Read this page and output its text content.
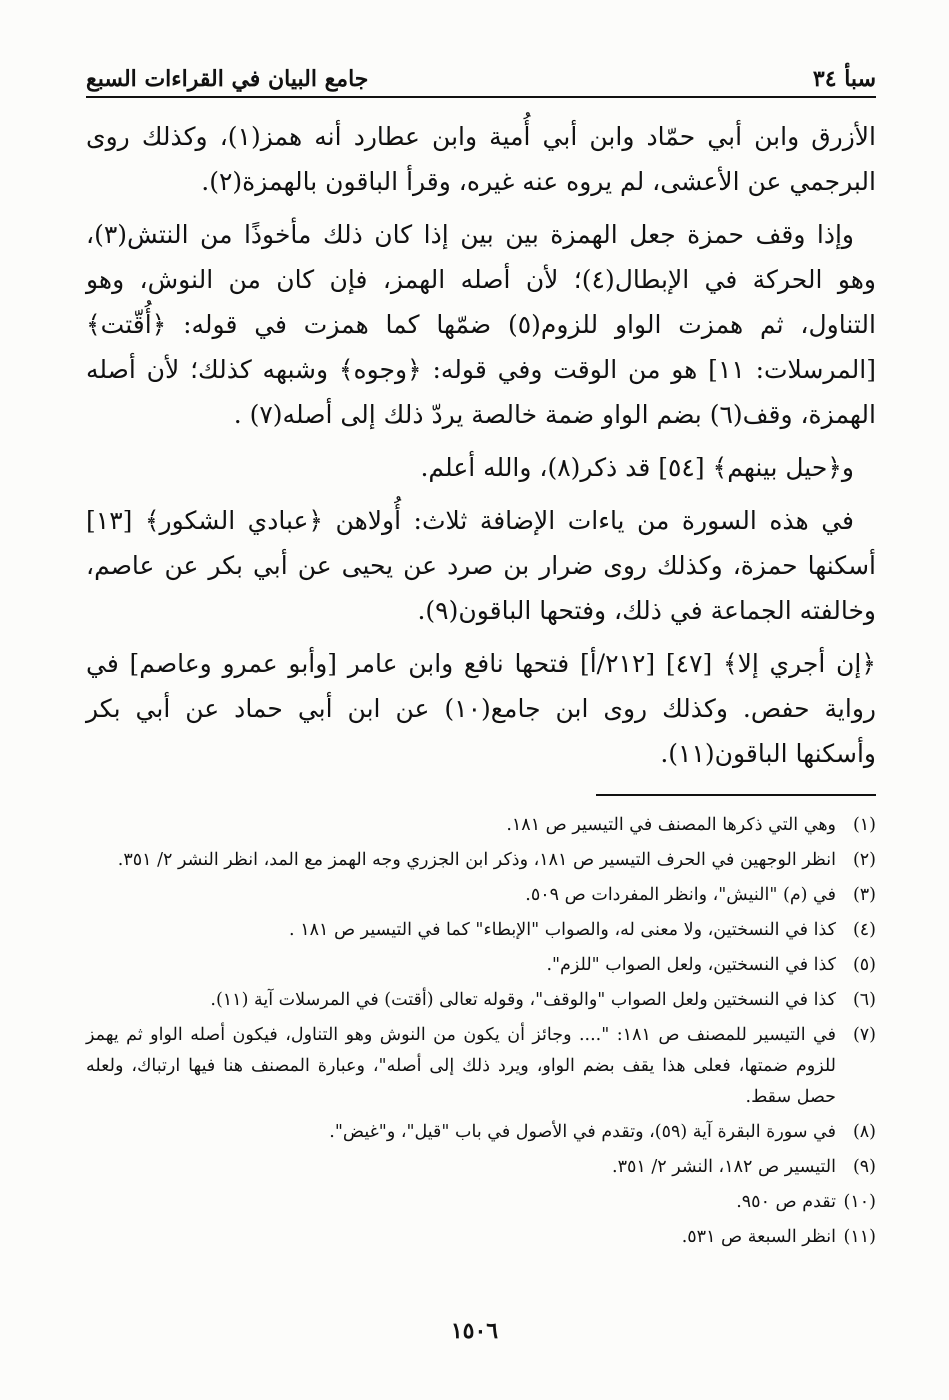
سبأ ٣٤
جامع البيان في القراءات السبع

الأزرق وابن أبي حمّاد وابن أبي أُمية وابن عطارد أنه همز(١)، وكذلك روى البرجمي عن الأعشى، لم يروه عنه غيره، وقرأ الباقون بالهمزة(٢).

وإذا وقف حمزة جعل الهمزة بين بين إذا كان ذلك مأخوذًا من النتش(٣)، وهو الحركة في الإبطال(٤)؛ لأن أصله الهمز، فإن كان من النوش، وهو التناول، ثم همزت الواو للزوم(٥) ضمّها كما همزت في قوله: ﴿أُقّتت﴾ [المرسلات: ١١] هو من الوقت وفي قوله: ﴿وجوه﴾ وشبهه كذلك؛ لأن أصله الهمزة، وقف(٦) بضم الواو ضمة خالصة يردّ ذلك إلى أصله(٧) .

و﴿حيل بينهم﴾ [٥٤] قد ذكر(٨)، والله أعلم.

في هذه السورة من ياءات الإضافة ثلاث: أُولاهن ﴿عبادي الشكور﴾ [١٣] أسكنها حمزة، وكذلك روى ضرار بن صرد عن يحيى عن أبي بكر عن عاصم، وخالفته الجماعة في ذلك، وفتحها الباقون(٩).

﴿إن أجري إلا﴾ [٤٧] [٢١٢/أ] فتحها نافع وابن عامر [وأبو عمرو وعاصم] في رواية حفص. وكذلك روى ابن جامع(١٠) عن ابن أبي حماد عن أبي بكر وأسكنها الباقون(١١).

(١)
وهي التي ذكرها المصنف في التيسير ص ١٨١.
(٢)
انظر الوجهين في الحرف التيسير ص ١٨١، وذكر ابن الجزري وجه الهمز مع المد، انظر النشر ٢/ ٣٥١.
(٣)
في (م) "النيش"، وانظر المفردات ص ٥٠٩.
(٤)
كذا في النسختين، ولا معنى له، والصواب "الإبطاء" كما في التيسير ص ١٨١ .
(٥)
كذا في النسختين، ولعل الصواب "للزم".
(٦)
كذا في النسختين ولعل الصواب "والوقف"، وقوله تعالى (أقتت) في المرسلات آية (١١).
(٧)
في التيسير للمصنف ص ١٨١: ".... وجائز أن يكون من النوش وهو التناول، فيكون أصله الواو ثم يهمز للزوم ضمتها، فعلى هذا يقف بضم الواو، ويرد ذلك إلى أصله"، وعبارة المصنف هنا فيها ارتباك، ولعله حصل سقط.
(٨)
في سورة البقرة آية (٥٩)، وتقدم في الأصول في باب "قيل"، و"غيض".
(٩)
التيسير ص ١٨٢، النشر ٢/ ٣٥١.
(١٠)
تقدم ص ٩٥٠.
(١١)
انظر السبعة ص ٥٣١.
١٥٠٦
